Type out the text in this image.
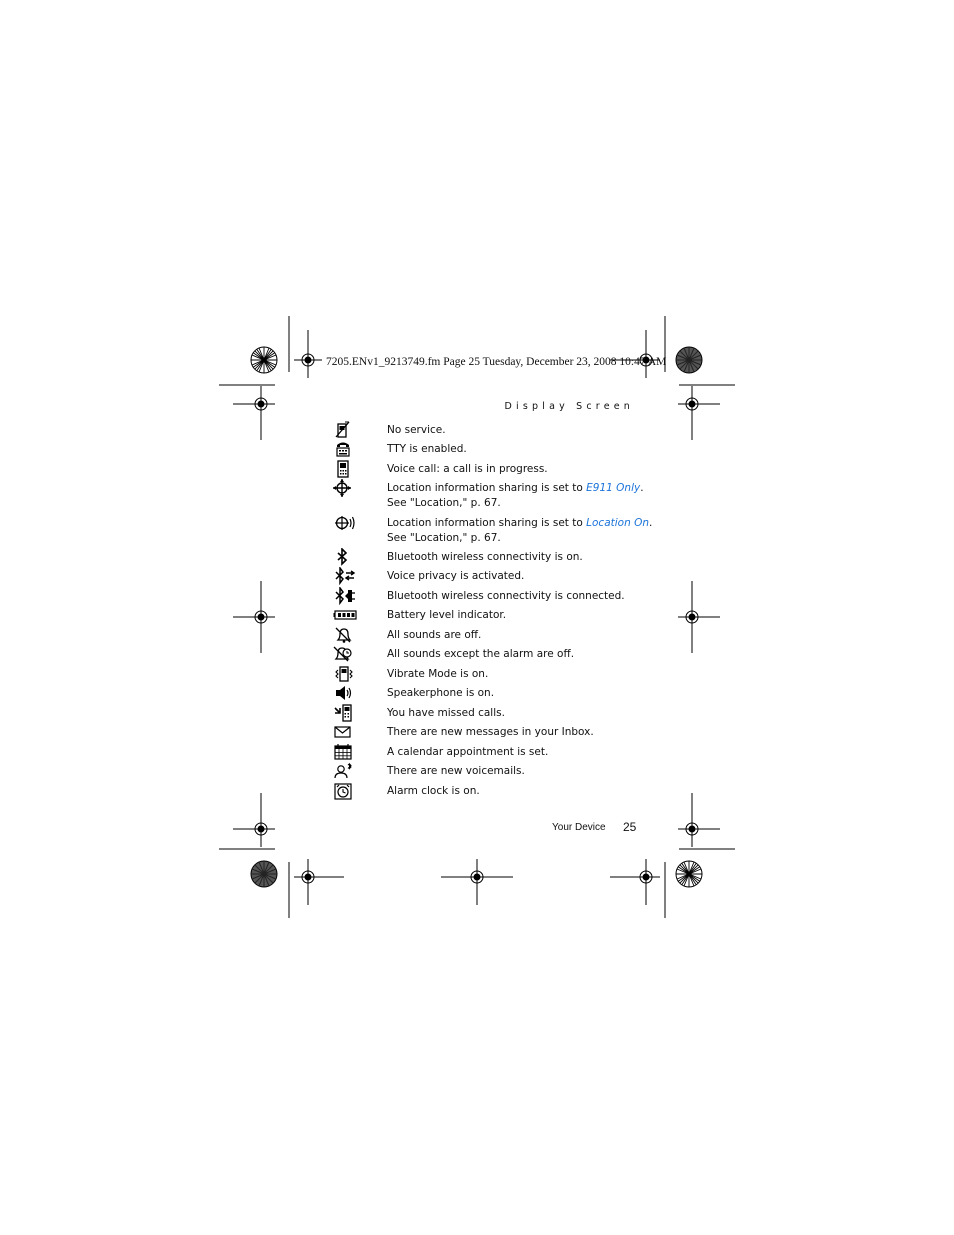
7205.ENv1_9213749.fm Page 25 Tuesday, December 23, 2008 10:47 AM
Display Screen
No service.
TTY is enabled.
Voice call: a call is in progress.
Location information sharing is set to E911 Only.
See "Location," p. 67.
Location information sharing is set to Location On.
See "Location," p. 67.
Bluetooth wireless connectivity is on.
Voice privacy is activated.
Bluetooth wireless connectivity is connected.
Battery level indicator.
All sounds are off.
All sounds except the alarm are off.
Vibrate Mode is on.
Speakerphone is on.
You have missed calls.
There are new messages in your Inbox.
A calendar appointment is set.
There are new voicemails.
Alarm clock is on.
Your Device 25
